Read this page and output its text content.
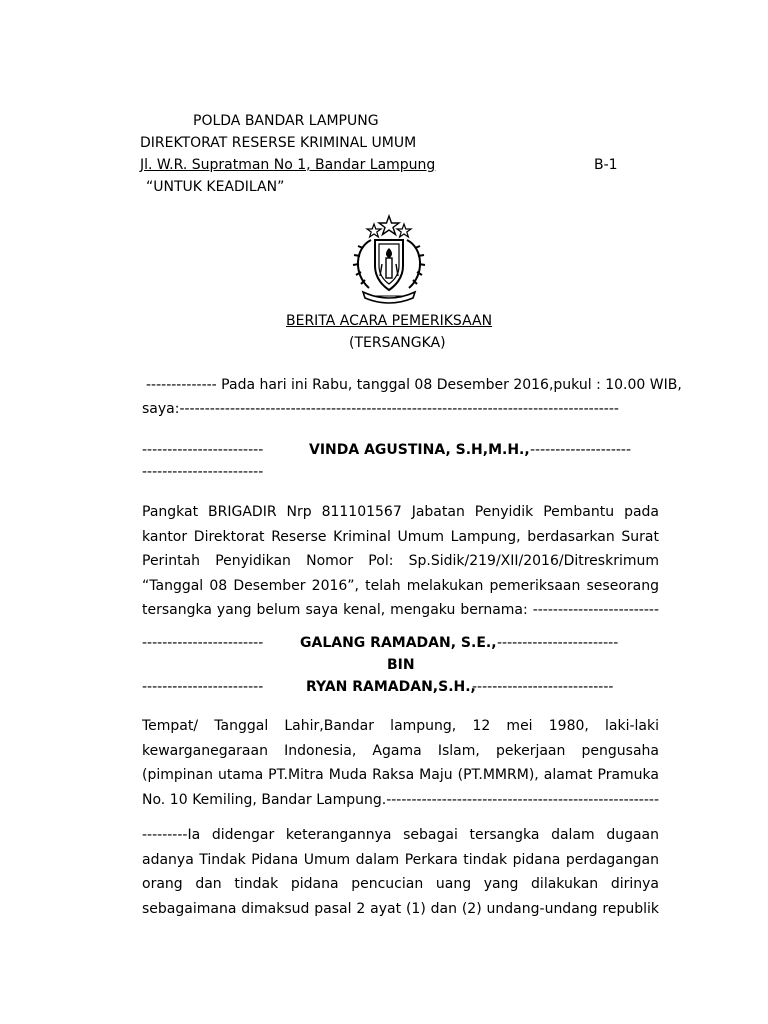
POLDA BANDAR LAMPUNG
DIREKTORAT RESERSE KRIMINAL UMUM
Jl. W.R. Supratman No 1, Bandar Lampung	B-1
“UNTUK KEADILAN”
BERITA ACARA PEMERIKSAAN
(TERSANGKA)
-------------- Pada hari ini Rabu, tanggal 08 Desember 2016,pukul : 10.00 WIB,
saya:---------------------------------------------------------------------------------------
------------------------	VINDA AGUSTINA, S.H,M.H., --------------------
------------------------
Pangkat BRIGADIR Nrp 811101567 Jabatan Penyidik Pembantu pada kantor Direktorat Reserse Kriminal Umum Lampung, berdasarkan Surat Perintah Penyidikan Nomor Pol: Sp.Sidik/219/XII/2016/Ditreskrimum “Tanggal 08 Desember 2016”, telah melakukan pemeriksaan seseorang tersangka yang belum saya kenal, mengaku bernama: -------------------------
------------------------	GALANG RAMADAN, S.E., ------------------------
BIN
------------------------	RYAN RAMADAN,S.H.,
----------------------------
Tempat/ Tanggal Lahir,Bandar lampung, 12 mei 1980, laki-laki kewarganegaraan Indonesia, Agama Islam, pekerjaan pengusaha (pimpinan utama PT.Mitra Muda Raksa Maju (PT.MMRM), alamat Pramuka No. 10 Kemiling, Bandar Lampung.------------------------------------------------------
---------Ia didengar keterangannya sebagai tersangka dalam dugaan adanya Tindak Pidana Umum dalam Perkara tindak pidana perdagangan orang dan tindak pidana pencucian uang yang dilakukan dirinya sebagaimana dimaksud pasal 2 ayat (1) dan (2) undang-undang republik
